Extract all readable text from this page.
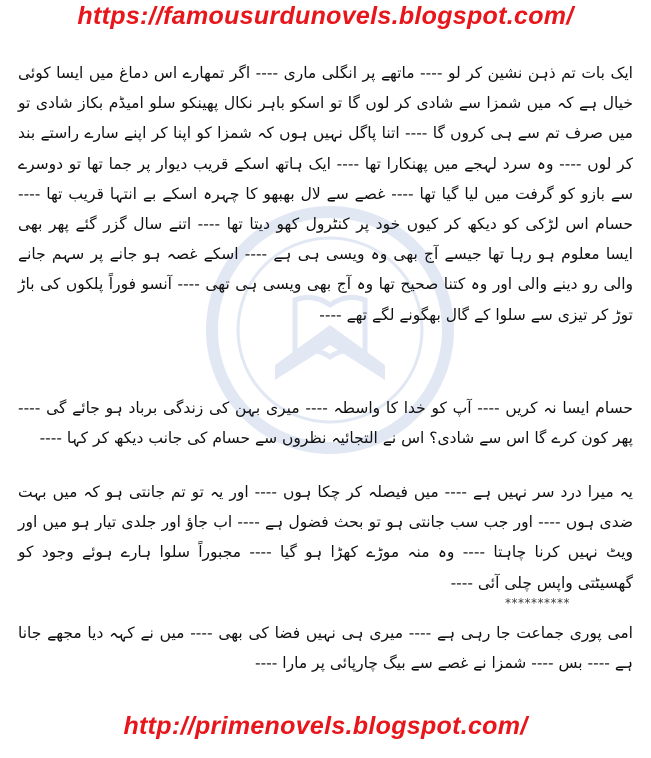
https://famousurdunovels.blogspot.com/

ایک بات تم ذہن نشین کر لو ---- ماتھے پر انگلی ماری ---- اگر تمھارے اس دماغ میں ایسا کوئی خیال ہے کہ میں شمزا سے شادی کر لوں گا تو اسکو باہر نکال پھینکو سلو امیڈم بکاز شادی تو میں صرف تم سے ہی کروں گا ---- اتنا پاگل نہیں ہوں کہ شمزا کو اپنا کر اپنے سارے راستے بند کر لوں ---- وہ سرد لہجے میں پھنکارا تھا ---- ایک ہاتھ اسکے قریب دیوار پر جما تھا تو دوسرے سے بازو کو گرفت میں لیا گیا تھا ---- غصے سے لال بھبھو کا چہرہ اسکے بے انتہا قریب تھا ---- حسام اس لڑکی کو دیکھ کر کیوں خود پر کنٹرول کھو دیتا تھا ---- اتنے سال گزر گئے پھر بھی ایسا معلوم ہو رہا تھا جیسے آج بھی وہ ویسی ہی ہے ---- اسکے غصہ ہو جانے پر سہم جانے والی رو دینے والی اور وہ کتنا صحیح تھا وہ آج بھی ویسی ہی تھی ---- آنسو فوراً پلکوں کی باڑ توڑ کر تیزی سے سلوا کے گال بھگونے لگے تھے ----

حسام ایسا نہ کریں ---- آپ کو خدا کا واسطہ ---- میری بہن کی زندگی برباد ہو جائے گی ---- پھر کون کرے گا اس سے شادی؟ اس نے التجائیہ نظروں سے حسام کی جانب دیکھ کر کہا ----

یہ میرا درد سر نہیں ہے ---- میں فیصلہ کر چکا ہوں ---- اور یہ تو تم جانتی ہو کہ میں بہت ضدی ہوں ---- اور جب سب جانتی ہو تو بحث فضول ہے ---- اب جاؤ اور جلدی تیار ہو میں اور ویٹ نہیں کرنا چاہتا ---- وہ منہ موڑے کھڑا ہو گیا ---- مجبوراً سلوا ہارے ہوئے وجود کو گھسیٹتی واپس چلی آئی ----

**********

امی پوری جماعت جا رہی ہے ---- میری ہی نہیں فضا کی بھی ---- میں نے کہہ دیا مجھے جانا ہے ---- بس ---- شمزا نے غصے سے بیگ چارپائی پر مارا ----

http://primenovels.blogspot.com/
